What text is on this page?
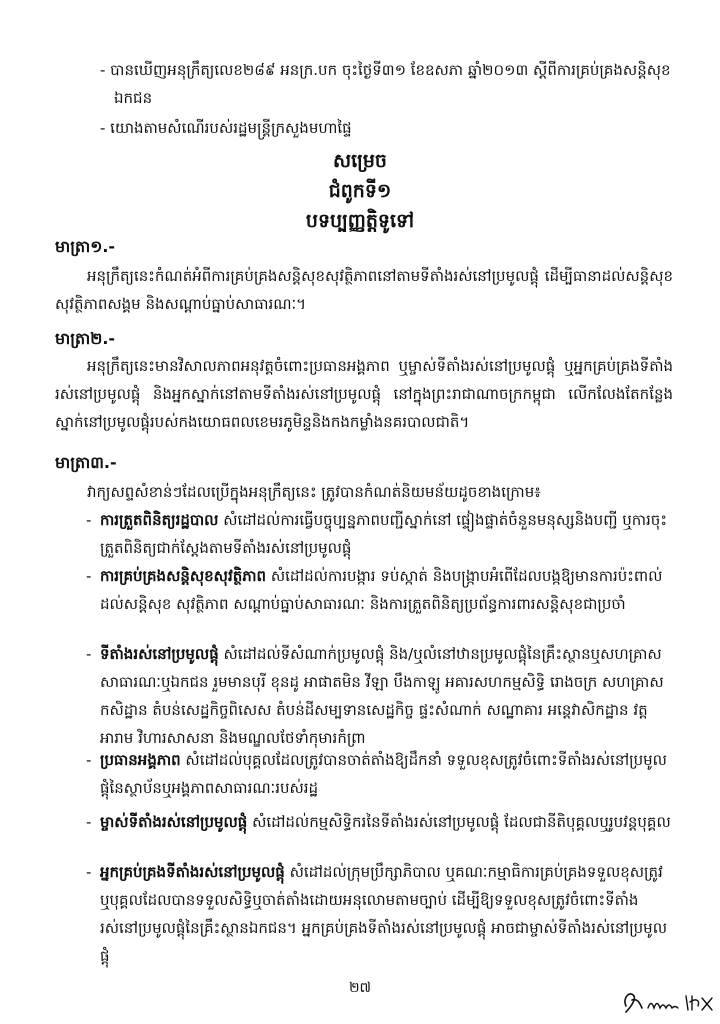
- បានឃើញអនុក្រឹត្យលេខ២៨៩ អនក្រ.បក ចុះថ្ងៃទី៣១ ខែឧសភា ឆ្នាំ២០១៣ ស្តីពីការគ្រប់គ្រងសន្តិសុខ
ឯកជន
- យោងតាមសំណើរបស់រដ្ឋមន្ត្រីក្រសួងមហាផ្ទៃ
សម្រេច
ជំពូកទី១
បទប្បញ្ញត្តិទូទៅ
មាត្រា១.-
អនុក្រឹត្យនេះកំណត់អំពីការគ្រប់គ្រងសន្តិសុខសុវត្ថិភាពនៅតាមទីតាំងរស់នៅប្រមូលផ្តុំ ដើម្បីធានាដល់សន្តិសុខ សុវត្ថិភាពសង្គម និងសណ្តាប់ធ្នាប់សាធារណៈ។
មាត្រា២.-
អនុក្រឹត្យនេះមានវិសាលភាពអនុវត្តចំពោះប្រធានអង្គភាព ឬម្ចាស់ទីតាំងរស់នៅប្រមូលផ្តុំ ឬអ្នកគ្រប់គ្រងទីតាំងរស់នៅប្រមូលផ្តុំ និងអ្នកស្នាក់នៅតាមទីតាំងរស់នៅប្រមូលផ្តុំ នៅក្នុងព្រះរាជាណាចក្រកម្ពុជា លើកលែងតែកន្លែងស្នាក់នៅប្រមូលផ្តុំរបស់កងយោធពលខេមរភូមិន្ទនិងកងកម្លាំងនគរបាលជាតិ។
មាត្រា៣.-
វាក្យសព្ទសំខាន់ៗដែលប្រើក្នុងអនុក្រឹត្យនេះ ត្រូវបានកំណត់និយមន័យដូចខាងក្រោម៖
- ការត្រួតពិនិត្យរដ្ឋបាល សំដៅដល់ការធ្វើបច្ចុប្បន្នភាពបញ្ជីស្នាក់នៅ ផ្ទៀងផ្ទាត់ចំនួនមនុស្សនិងបញ្ជី ឬការចុះត្រួតពិនិត្យជាក់ស្តែងតាមទីតាំងរស់នៅប្រមូលផ្តុំ
- ការគ្រប់គ្រងសន្តិសុខសុវត្ថិភាព សំដៅដល់ការបង្ការ ទប់ស្កាត់ និងបង្ក្រាបអំពើដែលបង្កឱ្យមានការប៉ះពាល់ដល់សន្តិសុខ សុវត្ថិភាព សណ្តាប់ធ្នាប់សាធារណៈ និងការត្រួតពិនិត្យប្រព័ន្ធការពារសន្តិសុខជាប្រចាំ
- ទីតាំងរស់នៅប្រមូលផ្តុំ សំដៅដល់ទីសំណាក់ប្រមូលផ្តុំ និង/ឬលំនៅឋានប្រមូលផ្តុំនៃគ្រឹះស្ថានឬសហគ្រាសសាធារណៈឬឯកជន រួមមានបុរី ខុនដូ អាផាតមិន វីឡា បឹងកាឡូ អគារសហកម្មសិទ្ធិ រោងចក្រ សហគ្រាស កសិដ្ឋាន តំបន់សេដ្ឋកិច្ចពិសេស តំបន់ដីសម្បទានសេដ្ឋកិច្ច ផ្ទះសំណាក់ សណ្ឋាគារ អន្តេវាសិកដ្ឋាន វត្តអារាម វិហារសាសនា និងមណ្ឌលថែទាំកុមារកំព្រា
- ប្រធានអង្គភាព សំដៅដល់បុគ្គលដែលត្រូវបានចាត់តាំងឱ្យដឹកនាំ ទទួលខុសត្រូវចំពោះទីតាំងរស់នៅប្រមូលផ្តុំនៃស្ថាប័នឬអង្គភាពសាធារណៈរបស់រដ្ឋ
- ម្ចាស់ទីតាំងរស់នៅប្រមូលផ្តុំ សំដៅដល់កម្មសិទ្ធិករនៃទីតាំងរស់នៅប្រមូលផ្តុំ ដែលជានីតិបុគ្គលឬរូបវន្តបុគ្គល
- អ្នកគ្រប់គ្រងទីតាំងរស់នៅប្រមូលផ្តុំ សំដៅដល់ក្រុមប្រឹក្សាភិបាល ឬគណៈកម្មាធិការគ្រប់គ្រងទទួលខុសត្រូវ ឬបុគ្គលដែលបានទទួលសិទ្ធិឬចាត់តាំងដោយអនុលោមតាមច្បាប់ ដើម្បីឱ្យទទួលខុសត្រូវចំពោះទីតាំងរស់នៅប្រមូលផ្តុំនៃគ្រឹះស្ថានឯកជន។ អ្នកគ្រប់គ្រងទីតាំងរស់នៅប្រមូលផ្តុំ អាចជាម្ចាស់ទីតាំងរស់នៅប្រមូលផ្តុំ
២៧
